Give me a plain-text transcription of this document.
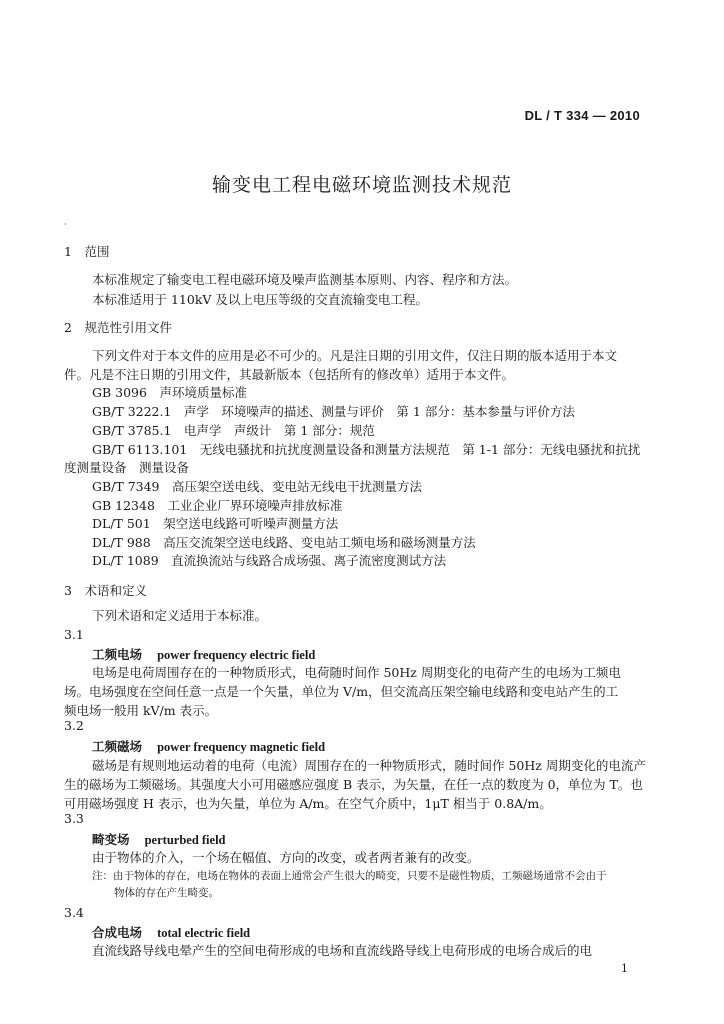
DL / T 334 — 2010
输变电工程电磁环境监测技术规范
·
1　范围
本标准规定了输变电工程电磁环境及噪声监测基本原则、内容、程序和方法。
本标准适用于 110kV 及以上电压等级的交直流输变电工程。
2　规范性引用文件
下列文件对于本文件的应用是必不可少的。凡是注日期的引用文件，仅注日期的版本适用于本文
件。凡是不注日期的引用文件，其最新版本（包括所有的修改单）适用于本文件。
GB 3096　声环境质量标准
GB/T 3222.1　声学　环境噪声的描述、测量与评价　第 1 部分：基本参量与评价方法
GB/T 3785.1　电声学　声级计　第 1 部分：规范
GB/T 6113.101　无线电骚扰和抗扰度测量设备和测量方法规范　第 1-1 部分：无线电骚扰和抗扰
度测量设备　测量设备
GB/T 7349　高压架空送电线、变电站无线电干扰测量方法
GB 12348　工业企业厂界环境噪声排放标准
DL/T 501　架空送电线路可听噪声测量方法
DL/T 988　高压交流架空送电线路、变电站工频电场和磁场测量方法
DL/T 1089　直流换流站与线路合成场强、离子流密度测试方法
3　术语和定义
下列术语和定义适用于本标准。
3.1
工频电场 power frequency electric field
电场是电荷周围存在的一种物质形式，电荷随时间作 50Hz 周期变化的电荷产生的电场为工频电
场。电场强度在空间任意一点是一个矢量，单位为 V/m，但交流高压架空输电线路和变电站产生的工
频电场一般用 kV/m 表示。
3.2
工频磁场 power frequency magnetic field
磁场是有规则地运动着的电荷（电流）周围存在的一种物质形式，随时间作 50Hz 周期变化的电流产
生的磁场为工频磁场。其强度大小可用磁感应强度 B 表示，为矢量，在任一点的数度为 0，单位为 T。也
可用磁场强度 H 表示，也为矢量，单位为 A/m。在空气介质中，1μT 相当于 0.8A/m。
3.3
畸变场 perturbed field
由于物体的介入，一个场在幅值、方向的改变，或者两者兼有的改变。
注：由于物体的存在，电场在物体的表面上通常会产生很大的畸变，只要不是磁性物质，工频磁场通常不会由于
物体的存在产生畸变。
3.4
合成电场 total electric field
直流线路导线电晕产生的空间电荷形成的电场和直流线路导线上电荷形成的电场合成后的电
1
